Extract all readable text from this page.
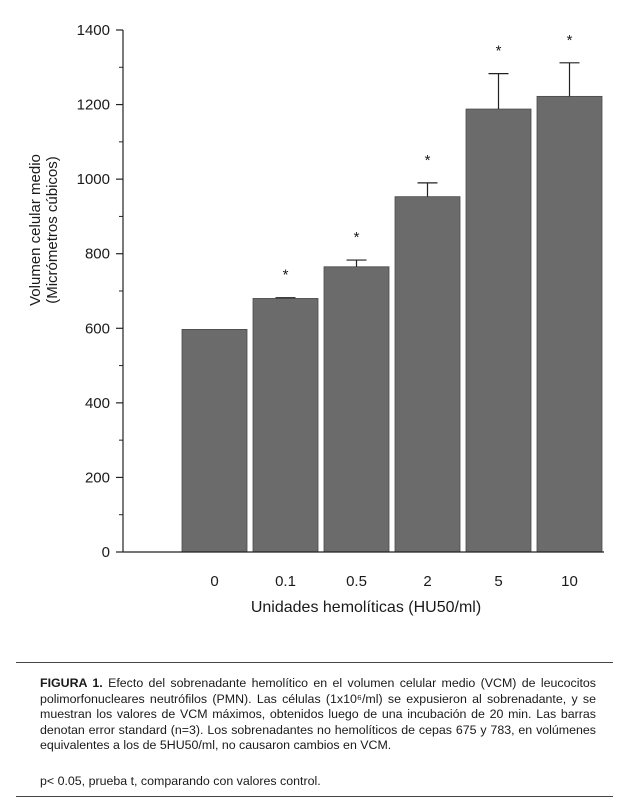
0
*
0.1
*
0.5
*
2
*
5
*
10
0
200
400
600
800
1000
1200
1400
Volumen celular medio(Micrómetros cúbicos)
Unidades hemolíticas (HU50/ml)
FIGURA 1. Efecto del sobrenadante hemolítico en el volumen celular medio (VCM) de leucocitos polimorfonucleares neutrófilos (PMN). Las células (1x10⁶/ml) se expusieron al sobrenadante, y se muestran los valores de VCM máximos, obtenidos luego de una incubación de 20 min. Las barras denotan error standard (n=3). Los sobrenadantes no hemolíticos de cepas 675 y 783, en volúmenes equivalentes a los de 5HU50/ml, no causaron cambios en VCM.
p< 0.05, prueba t, comparando con valores control.
